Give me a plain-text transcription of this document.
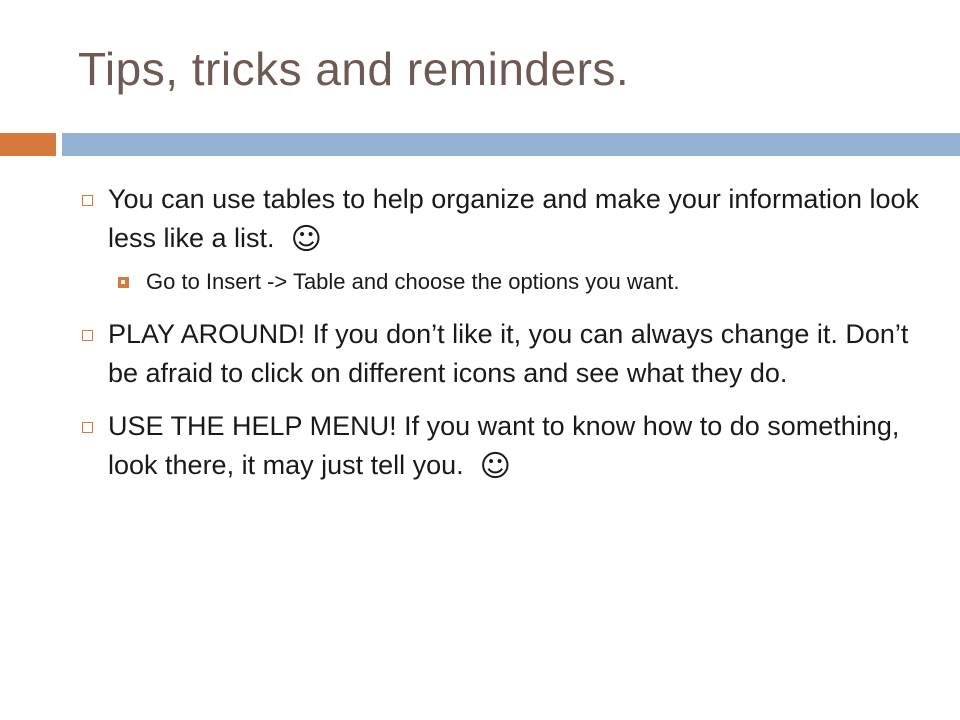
Tips, tricks and reminders.
You can use tables to help organize and make your information look less like a list. ☺
Go to Insert -> Table and choose the options you want.
PLAY AROUND! If you don’t like it, you can always change it. Don’t be afraid to click on different icons and see what they do.
USE THE HELP MENU! If you want to know how to do something, look there, it may just tell you. ☺
